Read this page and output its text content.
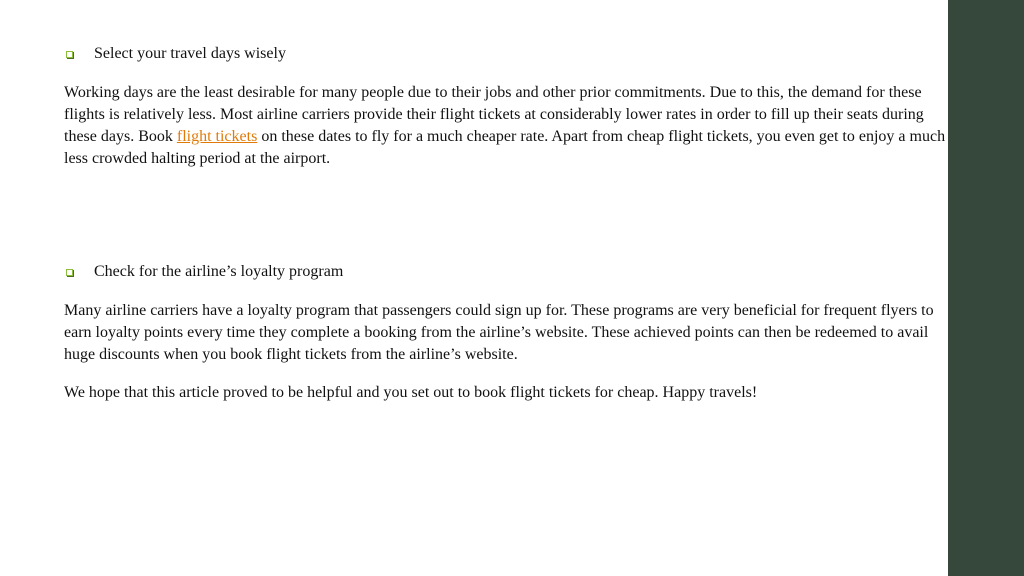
Select your travel days wisely

Working days are the least desirable for many people due to their jobs and other prior commitments. Due to this, the demand for these flights is relatively less. Most airline carriers provide their flight tickets at considerably lower rates in order to fill up their seats during these days. Book flight tickets on these dates to fly for a much cheaper rate. Apart from cheap flight tickets, you even get to enjoy a much less crowded halting period at the airport.

Check for the airline’s loyalty program

Many airline carriers have a loyalty program that passengers could sign up for. These programs are very beneficial for frequent flyers to earn loyalty points every time they complete a booking from the airline’s website. These achieved points can then be redeemed to avail huge discounts when you book flight tickets from the airline’s website.

We hope that this article proved to be helpful and you set out to book flight tickets for cheap. Happy travels!
